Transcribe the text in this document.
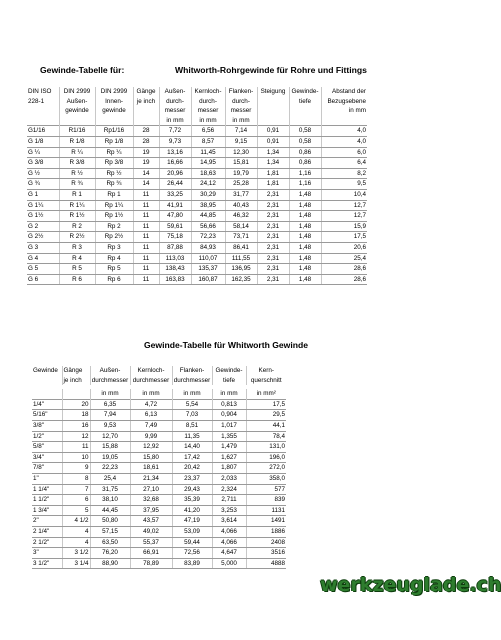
Gewinde-Tabelle für:	Whitworth-Rohrgewinde für Rohre und Fittings
DIN ISO	DIN 2999	DIN 2999	Gänge	Außen-	Kernloch-	Flanken-	Steigung	Gewinde-	Abstand der
228-1	Außen-	Innen-	je inch	durch-	durch-	durch-		tiefe	Bezugsebene
	gewinde	gewinde		messer	messer	messer			in mm
				in mm	in mm	in mm			
G1/16	R1/16	Rp1/16	28	7,72	6,56	7,14	0,91	0,58	4,0
G 1/8	R 1/8	Rp 1/8	28	9,73	8,57	9,15	0,91	0,58	4,0
G ¼	R ¼	Rp ¼	19	13,16	11,45	12,30	1,34	0,86	6,0
G 3/8	R 3/8	Rp 3/8	19	16,66	14,95	15,81	1,34	0,86	6,4
G ½	R ½	Rp ½	14	20,96	18,63	19,79	1,81	1,16	8,2
G ¾	R ¾	Rp ¾	14	26,44	24,12	25,28	1,81	1,16	9,5
G 1	R 1	Rp 1	11	33,25	30,29	31,77	2,31	1,48	10,4
G 1¼	R 1¼	Rp 1¼	11	41,91	38,95	40,43	2,31	1,48	12,7
G 1½	R 1½	Rp 1½	11	47,80	44,85	46,32	2,31	1,48	12,7
G 2	R 2	Rp 2	11	59,61	56,66	58,14	2,31	1,48	15,9
G 2½	R 2½	Rp 2½	11	75,18	72,23	73,71	2,31	1,48	17,5
G 3	R 3	Rp 3	11	87,88	84,93	86,41	2,31	1,48	20,6
G 4	R 4	Rp 4	11	113,03	110,07	111,55	2,31	1,48	25,4
G 5	R 5	Rp 5	11	138,43	135,37	136,95	2,31	1,48	28,6
G 6	R 6	Rp 6	11	163,83	160,87	162,35	2,31	1,48	28,6
Gewinde-Tabelle für Whitworth Gewinde
Gewinde	Gänge	Außen-	Kernloch-	Flanken-	Gewinde-	Kern-
	je inch	durchmesser	durchmesser	durchmesser	tiefe	querschnitt

		in mm	in mm	in mm	in mm	in mm²
1/4"	20	6,35	4,72	5,54	0,813	17,5
5/16"	18	7,94	6,13	7,03	0,904	29,5
3/8"	16	9,53	7,49	8,51	1,017	44,1
1/2"	12	12,70	9,99	11,35	1,355	78,4
5/8"	11	15,88	12,92	14,40	1,479	131,0
3/4"	10	19,05	15,80	17,42	1,627	196,0
7/8"	9	22,23	18,61	20,42	1,807	272,0
1"	8	25,4	21,34	23,37	2,033	358,0
1 1/4"	7	31,75	27,10	29,43	2,324	577
1 1/2"	6	38,10	32,68	35,39	2,711	839
1 3/4"	5	44,45	37,95	41,20	3,253	1131
2"	4 1/2	50,80	43,57	47,19	3,614	1491
2 1/4"	4	57,15	49,02	53,09	4,066	1886
2 1/2"	4	63,50	55,37	59,44	4,066	2408
3"	3 1/2	76,20	66,91	72,56	4,647	3516
3 1/2"	3 1/4	88,90	78,89	83,89	5,000	4888
werkzeuglade.ch
